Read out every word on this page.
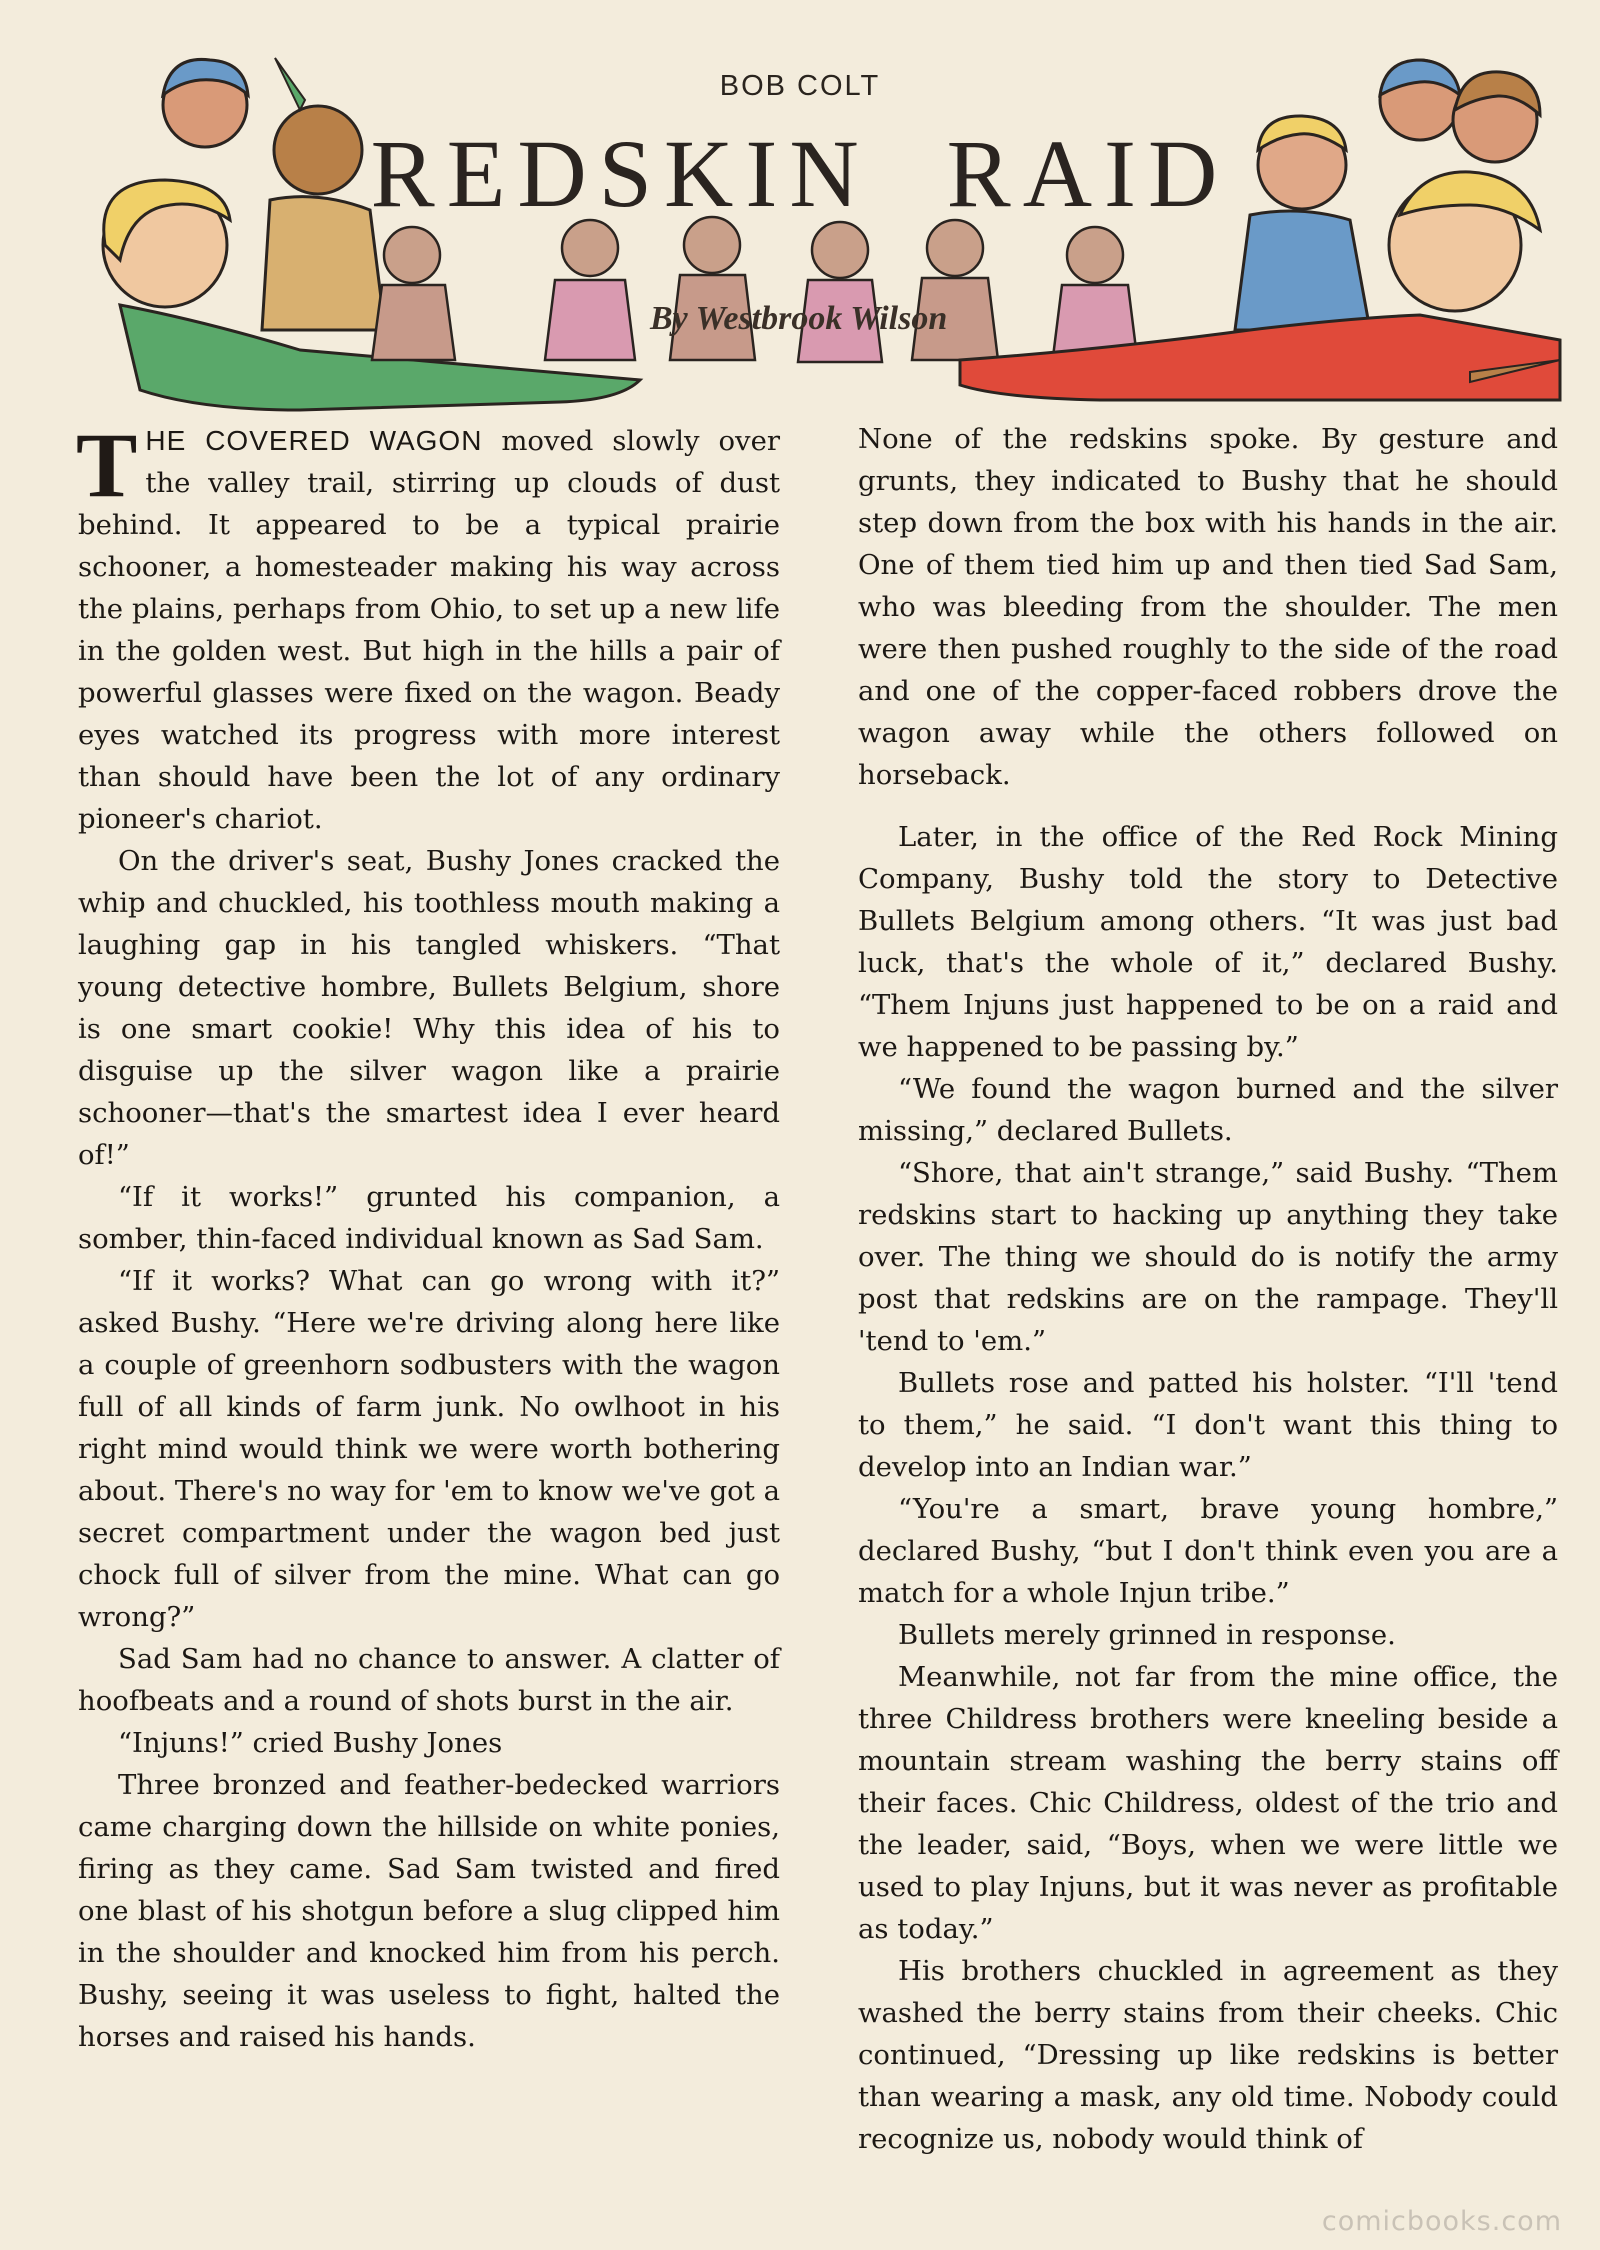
BOB COLT
REDSKIN RAID
By Westbrook Wilson

THE COVERED WAGON moved slowly over the valley trail, stirring up clouds of dust behind. It appeared to be a typical prairie schooner, a homesteader making his way across the plains, perhaps from Ohio, to set up a new life in the golden west. But high in the hills a pair of powerful glasses were fixed on the wagon. Beady eyes watched its progress with more interest than should have been the lot of any ordinary pioneer's chariot.

On the driver's seat, Bushy Jones cracked the whip and chuckled, his toothless mouth making a laughing gap in his tangled whiskers. “That young detective hombre, Bullets Belgium, shore is one smart cookie! Why this idea of his to disguise up the silver wagon like a prairie schooner—that's the smartest idea I ever heard of!”

“If it works!” grunted his companion, a somber, thin-faced individual known as Sad Sam.

“If it works? What can go wrong with it?” asked Bushy. “Here we're driving along here like a couple of greenhorn sodbusters with the wagon full of all kinds of farm junk. No owlhoot in his right mind would think we were worth bothering about. There's no way for 'em to know we've got a secret compartment under the wagon bed just chock full of silver from the mine. What can go wrong?”

Sad Sam had no chance to answer. A clatter of hoofbeats and a round of shots burst in the air.

“Injuns!” cried Bushy Jones

Three bronzed and feather-bedecked warriors came charging down the hillside on white ponies, firing as they came. Sad Sam twisted and fired one blast of his shotgun before a slug clipped him in the shoulder and knocked him from his perch. Bushy, seeing it was useless to fight, halted the horses and raised his hands.

None of the redskins spoke. By gesture and grunts, they indicated to Bushy that he should step down from the box with his hands in the air. One of them tied him up and then tied Sad Sam, who was bleeding from the shoulder. The men were then pushed roughly to the side of the road and one of the copper-faced robbers drove the wagon away while the others followed on horseback.

Later, in the office of the Red Rock Mining Company, Bushy told the story to Detective Bullets Belgium among others. “It was just bad luck, that's the whole of it,” declared Bushy. “Them Injuns just happened to be on a raid and we happened to be passing by.”

“We found the wagon burned and the silver missing,” declared Bullets.

“Shore, that ain't strange,” said Bushy. “Them redskins start to hacking up anything they take over. The thing we should do is notify the army post that redskins are on the rampage. They'll 'tend to 'em.”

Bullets rose and patted his holster. “I'll 'tend to them,” he said. “I don't want this thing to develop into an Indian war.”

“You're a smart, brave young hombre,” declared Bushy, “but I don't think even you are a match for a whole Injun tribe.”

Bullets merely grinned in response.

Meanwhile, not far from the mine office, the three Childress brothers were kneeling beside a mountain stream washing the berry stains off their faces. Chic Childress, oldest of the trio and the leader, said, “Boys, when we were little we used to play Injuns, but it was never as profitable as today.”

His brothers chuckled in agreement as they washed the berry stains from their cheeks. Chic continued, “Dressing up like redskins is better than wearing a mask, any old time. Nobody could recognize us, nobody would think of

comicbooks.com
